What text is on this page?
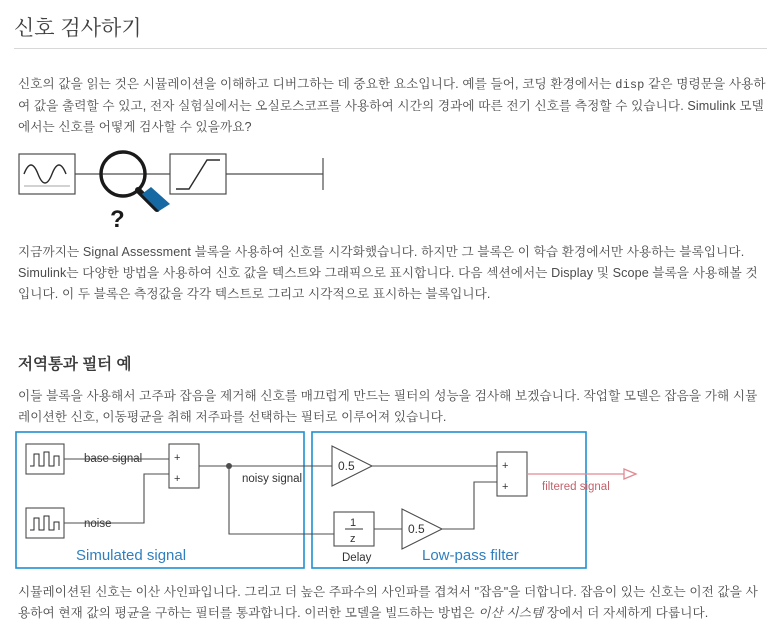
신호 검사하기

신호의 값을 읽는 것은 시뮬레이션을 이해하고 디버그하는 데 중요한 요소입니다. 예를 들어, 코딩 환경에서는 disp 같은 명령문을 사용하여 값을 출력할 수 있고, 전자 실험실에서는 오실로스코프를 사용하여 시간의 경과에 따른 전기 신호를 측정할 수 있습니다. Simulink 모델에서는 신호를 어떻게 검사할 수 있을까요?

?

지금까지는 Signal Assessment 블록을 사용하여 신호를 시각화했습니다. 하지만 그 블록은 이 학습 환경에서만 사용하는 블록입니다. Simulink는 다양한 방법을 사용하여 신호 값을 텍스트와 그래픽으로 표시합니다. 다음 섹션에서는 Display 및 Scope 블록을 사용해볼 것입니다. 이 두 블록은 측정값을 각각 텍스트로 그리고 시각적으로 표시하는 블록입니다.

저역통과 필터 예

이들 블록을 사용해서 고주파 잡음을 제거해 신호를 매끄럽게 만드는 필터의 성능을 검사해 보겠습니다. 작업할 모델은 잡음을 가해 시뮬레이션한 신호, 이동평균을 취해 저주파를 선택하는 필터로 이루어져 있습니다.

base signal
noise
+
+	noisy signal
0.5
1
z
Delay
0.5
+
+	filtered signal
Simulated signal	Low-pass filter

시뮬레이션된 신호는 이산 사인파입니다. 그리고 더 높은 주파수의 사인파를 겹쳐서 "잡음"을 더합니다. 잡음이 있는 신호는 이전 값을 사용하여 현재 값의 평균을 구하는 필터를 통과합니다. 이러한 모델을 빌드하는 방법은 이산 시스템 장에서 더 자세하게 다룹니다.
